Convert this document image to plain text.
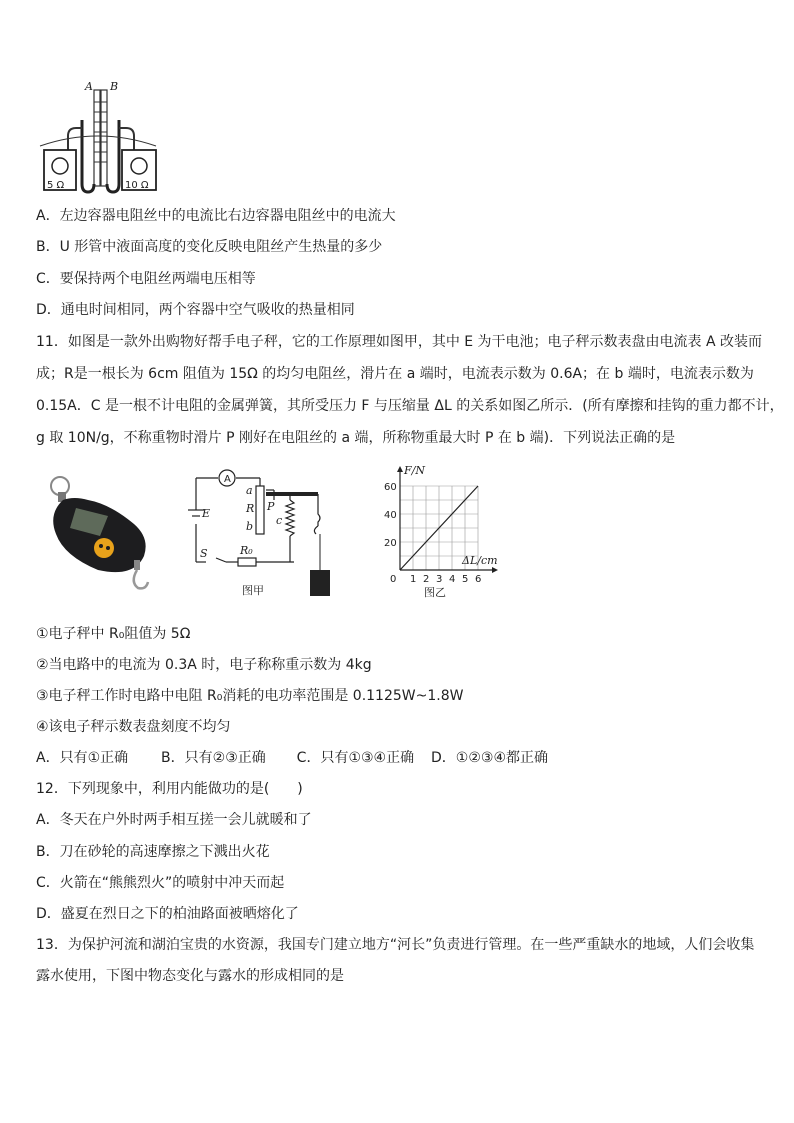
A B
5 Ω	10 Ω
A．左边容器电阻丝中的电流比右边容器电阻丝中的电流大
B．U 形管中液面高度的变化反映电阻丝产生热量的多少
C．要保持两个电阻丝两端电压相等
D．通电时间相同，两个容器中空气吸收的热量相同
11．如图是一款外出购物好帮手电子秤，它的工作原理如图甲，其中 E 为干电池；电子秤示数表盘由电流表 A 改装而
成；R是一根长为 6cm 阻值为 15Ω 的均匀电阻丝，滑片在 a 端时，电流表示数为 0.6A；在 b 端时，电流表示数为
0.15A．C 是一根不计电阻的金属弹簧，其所受压力 F 与压缩量 ΔL 的关系如图乙所示．(所有摩擦和挂钩的重力都不计，
g 取 10N/g，不称重物时滑片 P 刚好在电阻丝的 a 端，所称物重最大时 P 在 b 端)．下列说法正确的是
A
E
a
R
b
P
c
S	R₀
图甲
F/N
ΔL/cm
0
20
40
60
1 2 3 4 5 6
图乙
①电子秤中 R₀阻值为 5Ω
②当电路中的电流为 0.3A 时，电子称称重示数为 4kg
③电子秤工作时电路中电阻 R₀消耗的电功率范围是 0.1125W~1.8W
④该电子秤示数表盘刻度不均匀
A．只有①正确 B．只有②③正确 C．只有①③④正确 D．①②③④都正确
12．下列现象中，利用内能做功的是(　　)
A．冬天在户外时两手相互搓一会儿就暖和了
B．刀在砂轮的高速摩擦之下溅出火花
C．火箭在“熊熊烈火”的喷射中冲天而起
D．盛夏在烈日之下的柏油路面被晒熔化了
13．为保护河流和湖泊宝贵的水资源，我国专门建立地方“河长”负责进行管理。在一些严重缺水的地域，人们会收集
露水使用，下图中物态变化与露水的形成相同的是
